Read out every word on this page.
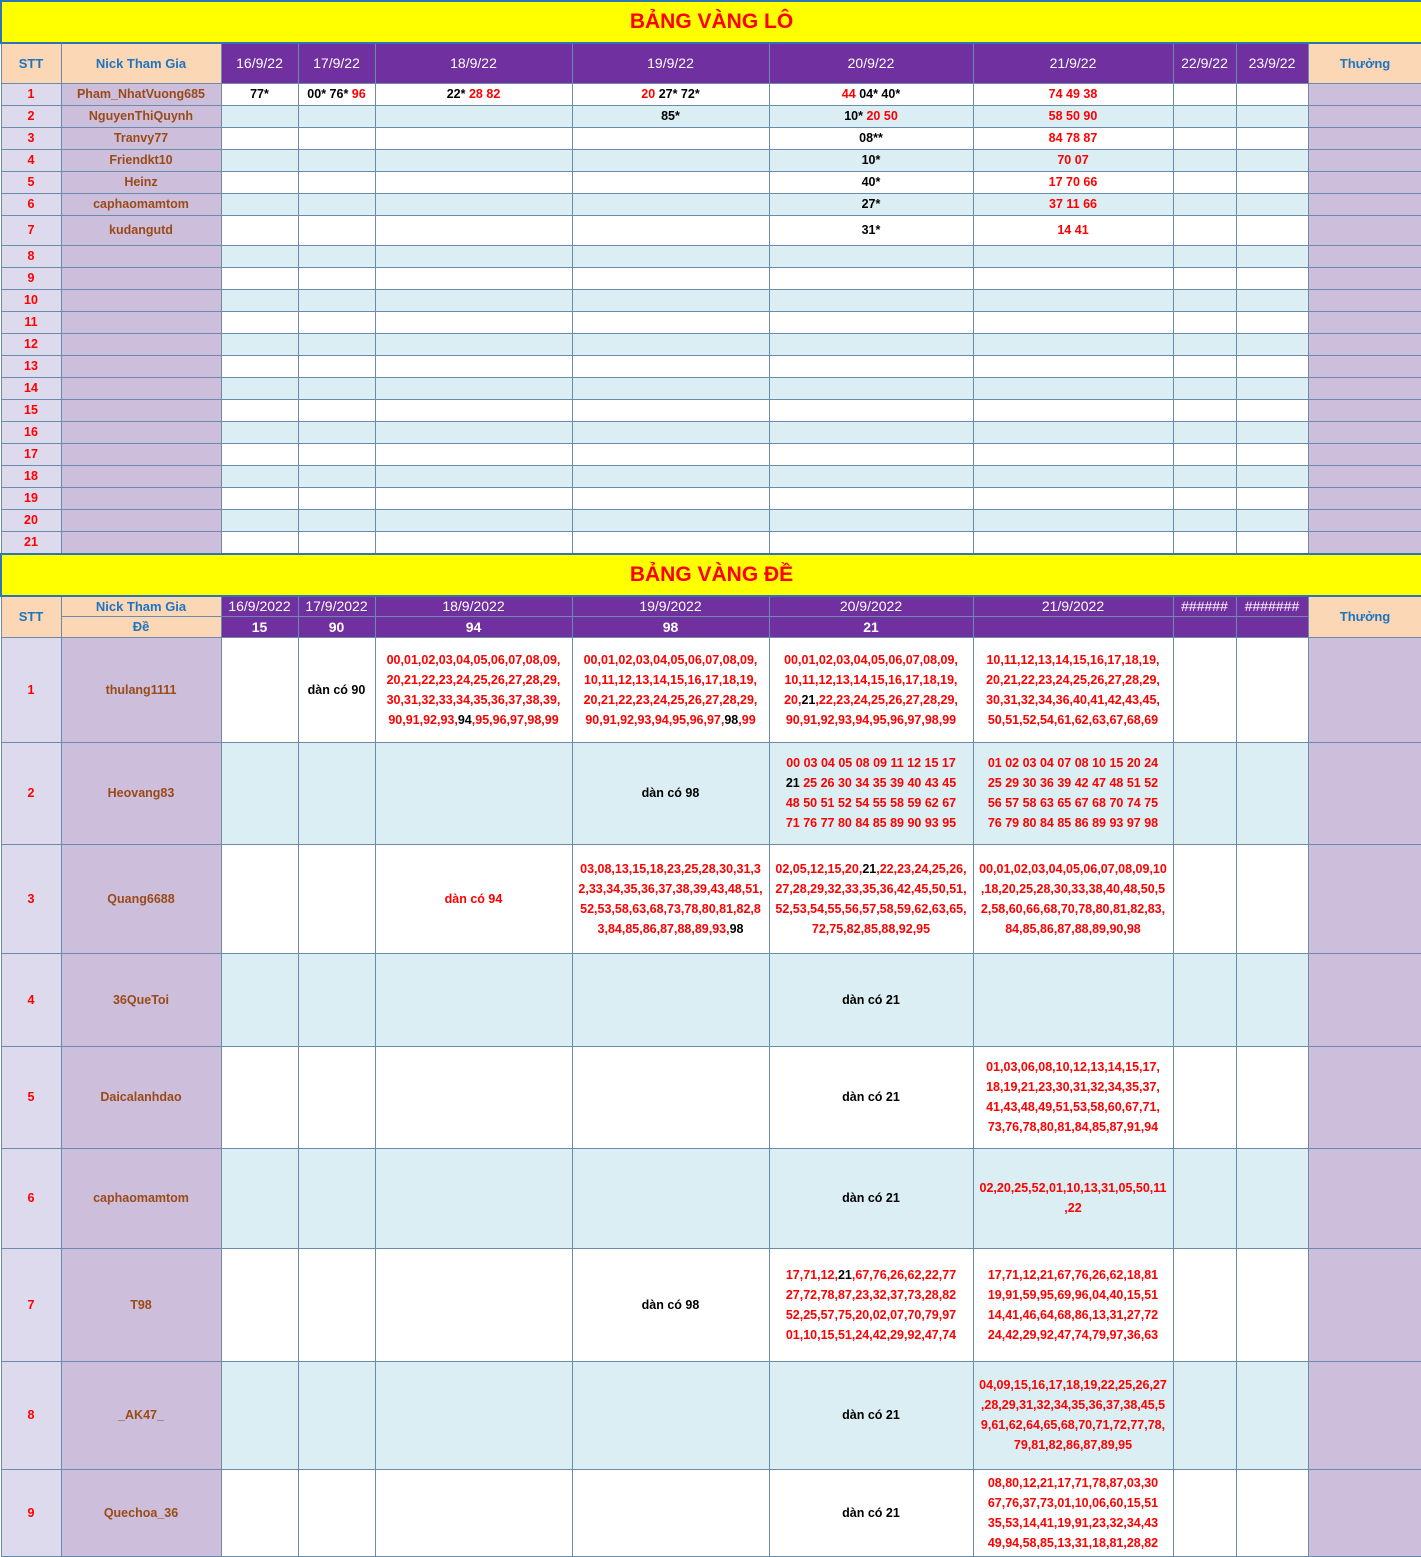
BẢNG VÀNG LÔ										
STT	Nick Tham Gia	16/9/22	17/9/22	18/9/22	19/9/22	20/9/22	21/9/22	22/9/22	23/9/22	Thưởng
1	Pham_NhatVuong685	77*	00* 76* 96	22* 28 82	20 27* 72*	44 04* 40*	74 49 38			
2	NguyenThiQuynh				85*	10* 20 50	58 50 90			
3	Tranvy77					08**	84 78 87			
4	Friendkt10					10*	70 07			
5	Heinz					40*	17 70 66			
6	caphaomamtom					27*	37 11 66			
7	kudangutd					31*	14 41			
8										
9										
10										
11										
12										
13										
14										
15										
16										
17										
18										
19										
20										
21										
BẢNG VÀNG ĐỀ										
STT	Nick Tham Gia	16/9/2022	17/9/2022	18/9/2022	19/9/2022	20/9/2022	21/9/2022	######	#######	Thưởng
	Đề	15	90	94	98	21				
1	thulang1111		dàn có 90	00,01,02,03,04,05,06,07,08,09,
20,21,22,23,24,25,26,27,28,29,
30,31,32,33,34,35,36,37,38,39,
90,91,92,93,94,95,96,97,98,99	00,01,02,03,04,05,06,07,08,09,
10,11,12,13,14,15,16,17,18,19,
20,21,22,23,24,25,26,27,28,29,
90,91,92,93,94,95,96,97,98,99	00,01,02,03,04,05,06,07,08,09,
10,11,12,13,14,15,16,17,18,19,
20,21,22,23,24,25,26,27,28,29,
90,91,92,93,94,95,96,97,98,99	10,11,12,13,14,15,16,17,18,19,
20,21,22,23,24,25,26,27,28,29,
30,31,32,34,36,40,41,42,43,45,
50,51,52,54,61,62,63,67,68,69			

2	Heovang83				dàn có 98	00 03 04 05 08 09 11 12 15 17
21 25 26 30 34 35 39 40 43 45
48 50 51 52 54 55 58 59 62 67
71 76 77 80 84 85 89 90 93 95	01 02 03 04 07 08 10 15 20 24
25 29 30 36 39 42 47 48 51 52
56 57 58 63 65 67 68 70 74 75
76 79 80 84 85 86 89 93 97 98			

3	Quang6688			dàn có 94	03,08,13,15,18,23,25,28,30,31,3
2,33,34,35,36,37,38,39,43,48,51,
52,53,58,63,68,73,78,80,81,82,8
3,84,85,86,87,88,89,93,98	02,05,12,15,20,21,22,23,24,25,26,
27,28,29,32,33,35,36,42,45,50,51,
52,53,54,55,56,57,58,59,62,63,65,
72,75,82,85,88,92,95	00,01,02,03,04,05,06,07,08,09,10
,18,20,25,28,30,33,38,40,48,50,5
2,58,60,66,68,70,78,80,81,82,83,
84,85,86,87,88,89,90,98			

4	36QueToi					dàn có 21				

5	Daicalanhdao					dàn có 21	01,03,06,08,10,12,13,14,15,17,
18,19,21,23,30,31,32,34,35,37,
41,43,48,49,51,53,58,60,67,71,
73,76,78,80,81,84,85,87,91,94			

6	caphaomamtom					dàn có 21	02,20,25,52,01,10,13,31,05,50,11
,22			

7	T98				dàn có 98	17,71,12,21,67,76,26,62,22,77
27,72,78,87,23,32,37,73,28,82
52,25,57,75,20,02,07,70,79,97
01,10,15,51,24,42,29,92,47,74	17,71,12,21,67,76,26,62,18,81
19,91,59,95,69,96,04,40,15,51
14,41,46,64,68,86,13,31,27,72
24,42,29,92,47,74,79,97,36,63			

8	_AK47_					dàn có 21	04,09,15,16,17,18,19,22,25,26,27
,28,29,31,32,34,35,36,37,38,45,5
9,61,62,64,65,68,70,71,72,77,78,
79,81,82,86,87,89,95			

9	Quechoa_36					dàn có 21	08,80,12,21,17,71,78,87,03,30
67,76,37,73,01,10,06,60,15,51
35,53,14,41,19,91,23,32,34,43
49,94,58,85,13,31,18,81,28,82			
